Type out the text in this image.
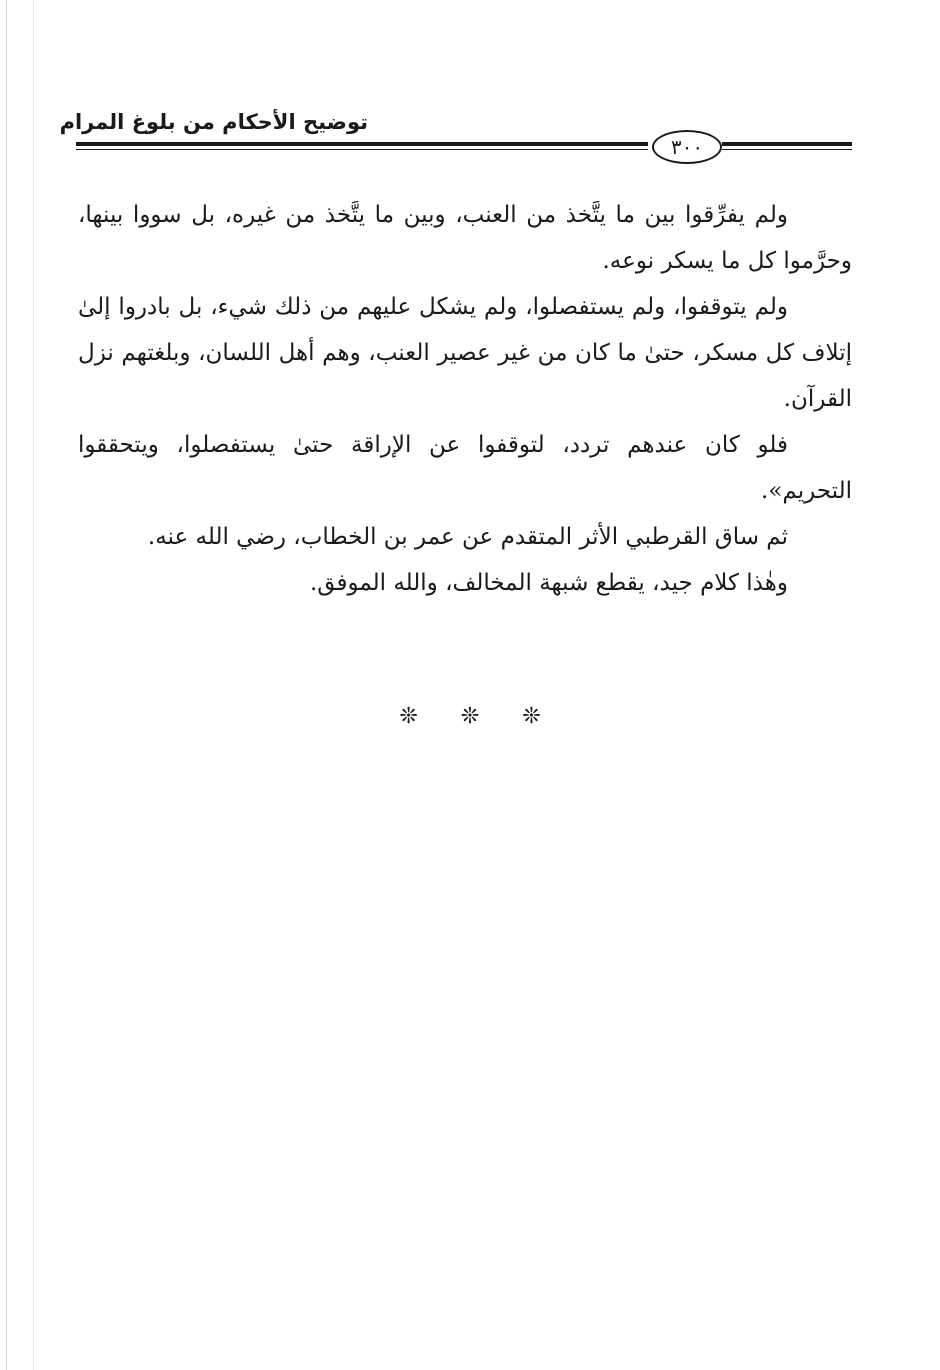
توضيح الأحكام من بلوغ المرام
٣٠٠

ولم يفرِّقوا بين ما يتَّخذ من العنب، وبين ما يتَّخذ من غيره، بل سووا بينها، وحرَّموا كل ما يسكر نوعه.

ولم يتوقفوا، ولم يستفصلوا، ولم يشكل عليهم من ذلك شيء، بل بادروا إلىٰ إتلاف كل مسكر، حتىٰ ما كان من غير عصير العنب، وهم أهل اللسان، وبلغتهم نزل القرآن.

فلو كان عندهم تردد، لتوقفوا عن الإراقة حتىٰ يستفصلوا، ويتحققوا التحريم».

ثم ساق القرطبي الأثر المتقدم عن عمر بن الخطاب، رضي الله عنه.

وهٰذا كلام جيد، يقطع شبهة المخالف، والله الموفق.

❊ ❊ ❊
